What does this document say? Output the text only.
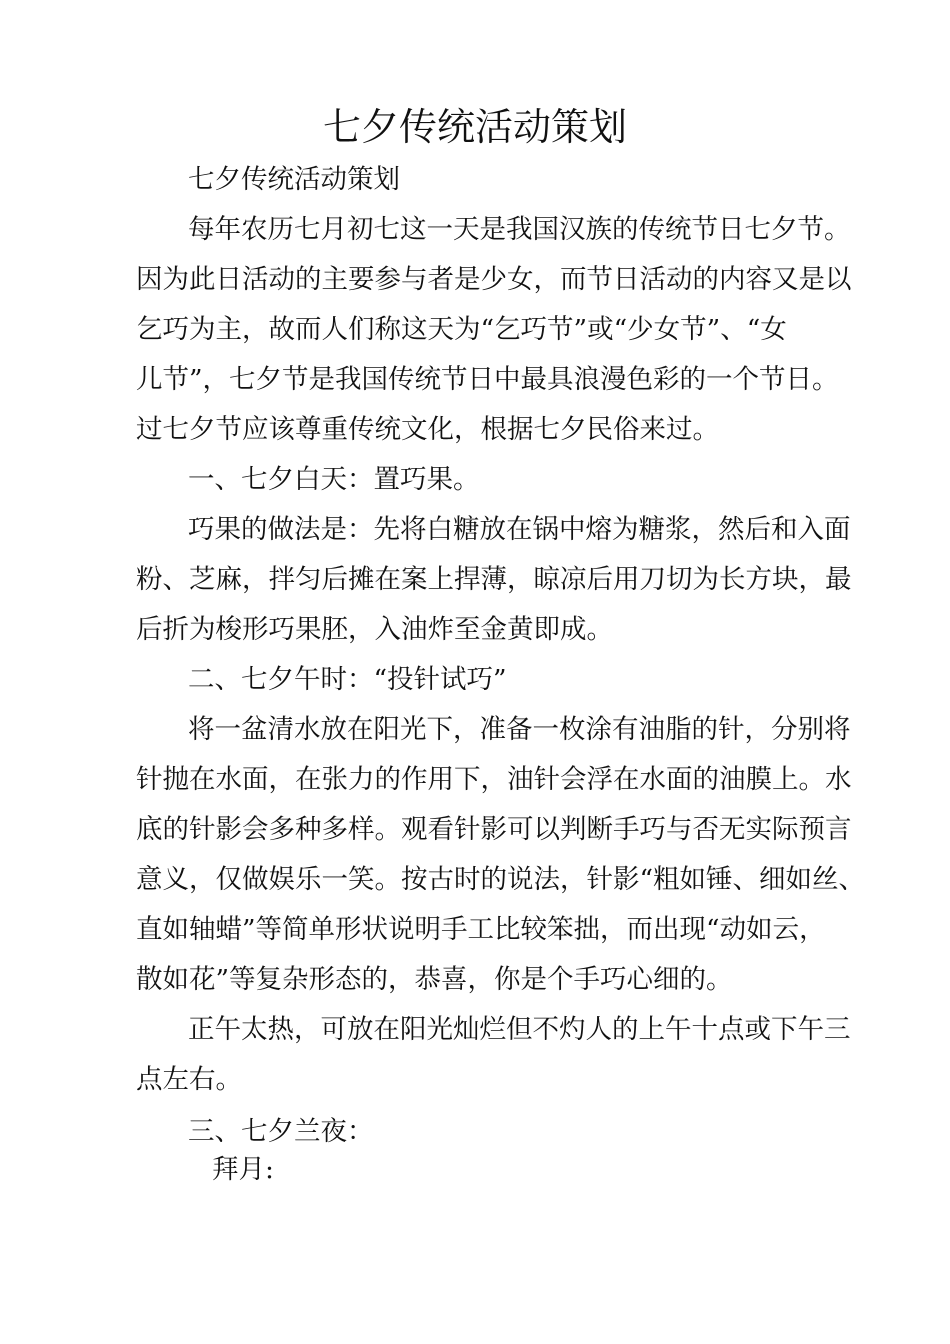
七夕传统活动策划

七夕传统活动策划

每年农历七月初七这一天是我国汉族的传统节日七夕节。

因为此日活动的主要参与者是少女，而节日活动的内容又是以

乞巧为主，故而人们称这天为“乞巧节”或“少女节”、“女

儿节”，七夕节是我国传统节日中最具浪漫色彩的一个节日。

过七夕节应该尊重传统文化，根据七夕民俗来过。

一、七夕白天：置巧果。

巧果的做法是：先将白糖放在锅中熔为糖浆，然后和入面

粉、芝麻，拌匀后摊在案上捍薄，晾凉后用刀切为长方块，最

后折为梭形巧果胚，入油炸至金黄即成。

二、七夕午时：“投针试巧”

将一盆清水放在阳光下，准备一枚涂有油脂的针，分别将

针抛在水面，在张力的作用下，油针会浮在水面的油膜上。水

底的针影会多种多样。观看针影可以判断手巧与否无实际预言

意义，仅做娱乐一笑。按古时的说法，针影“粗如锤、细如丝、

直如轴蜡”等简单形状说明手工比较笨拙，而出现“动如云，

散如花”等复杂形态的，恭喜，你是个手巧心细的。

正午太热，可放在阳光灿烂但不灼人的上午十点或下午三

点左右。

三、七夕兰夜：

拜月:
